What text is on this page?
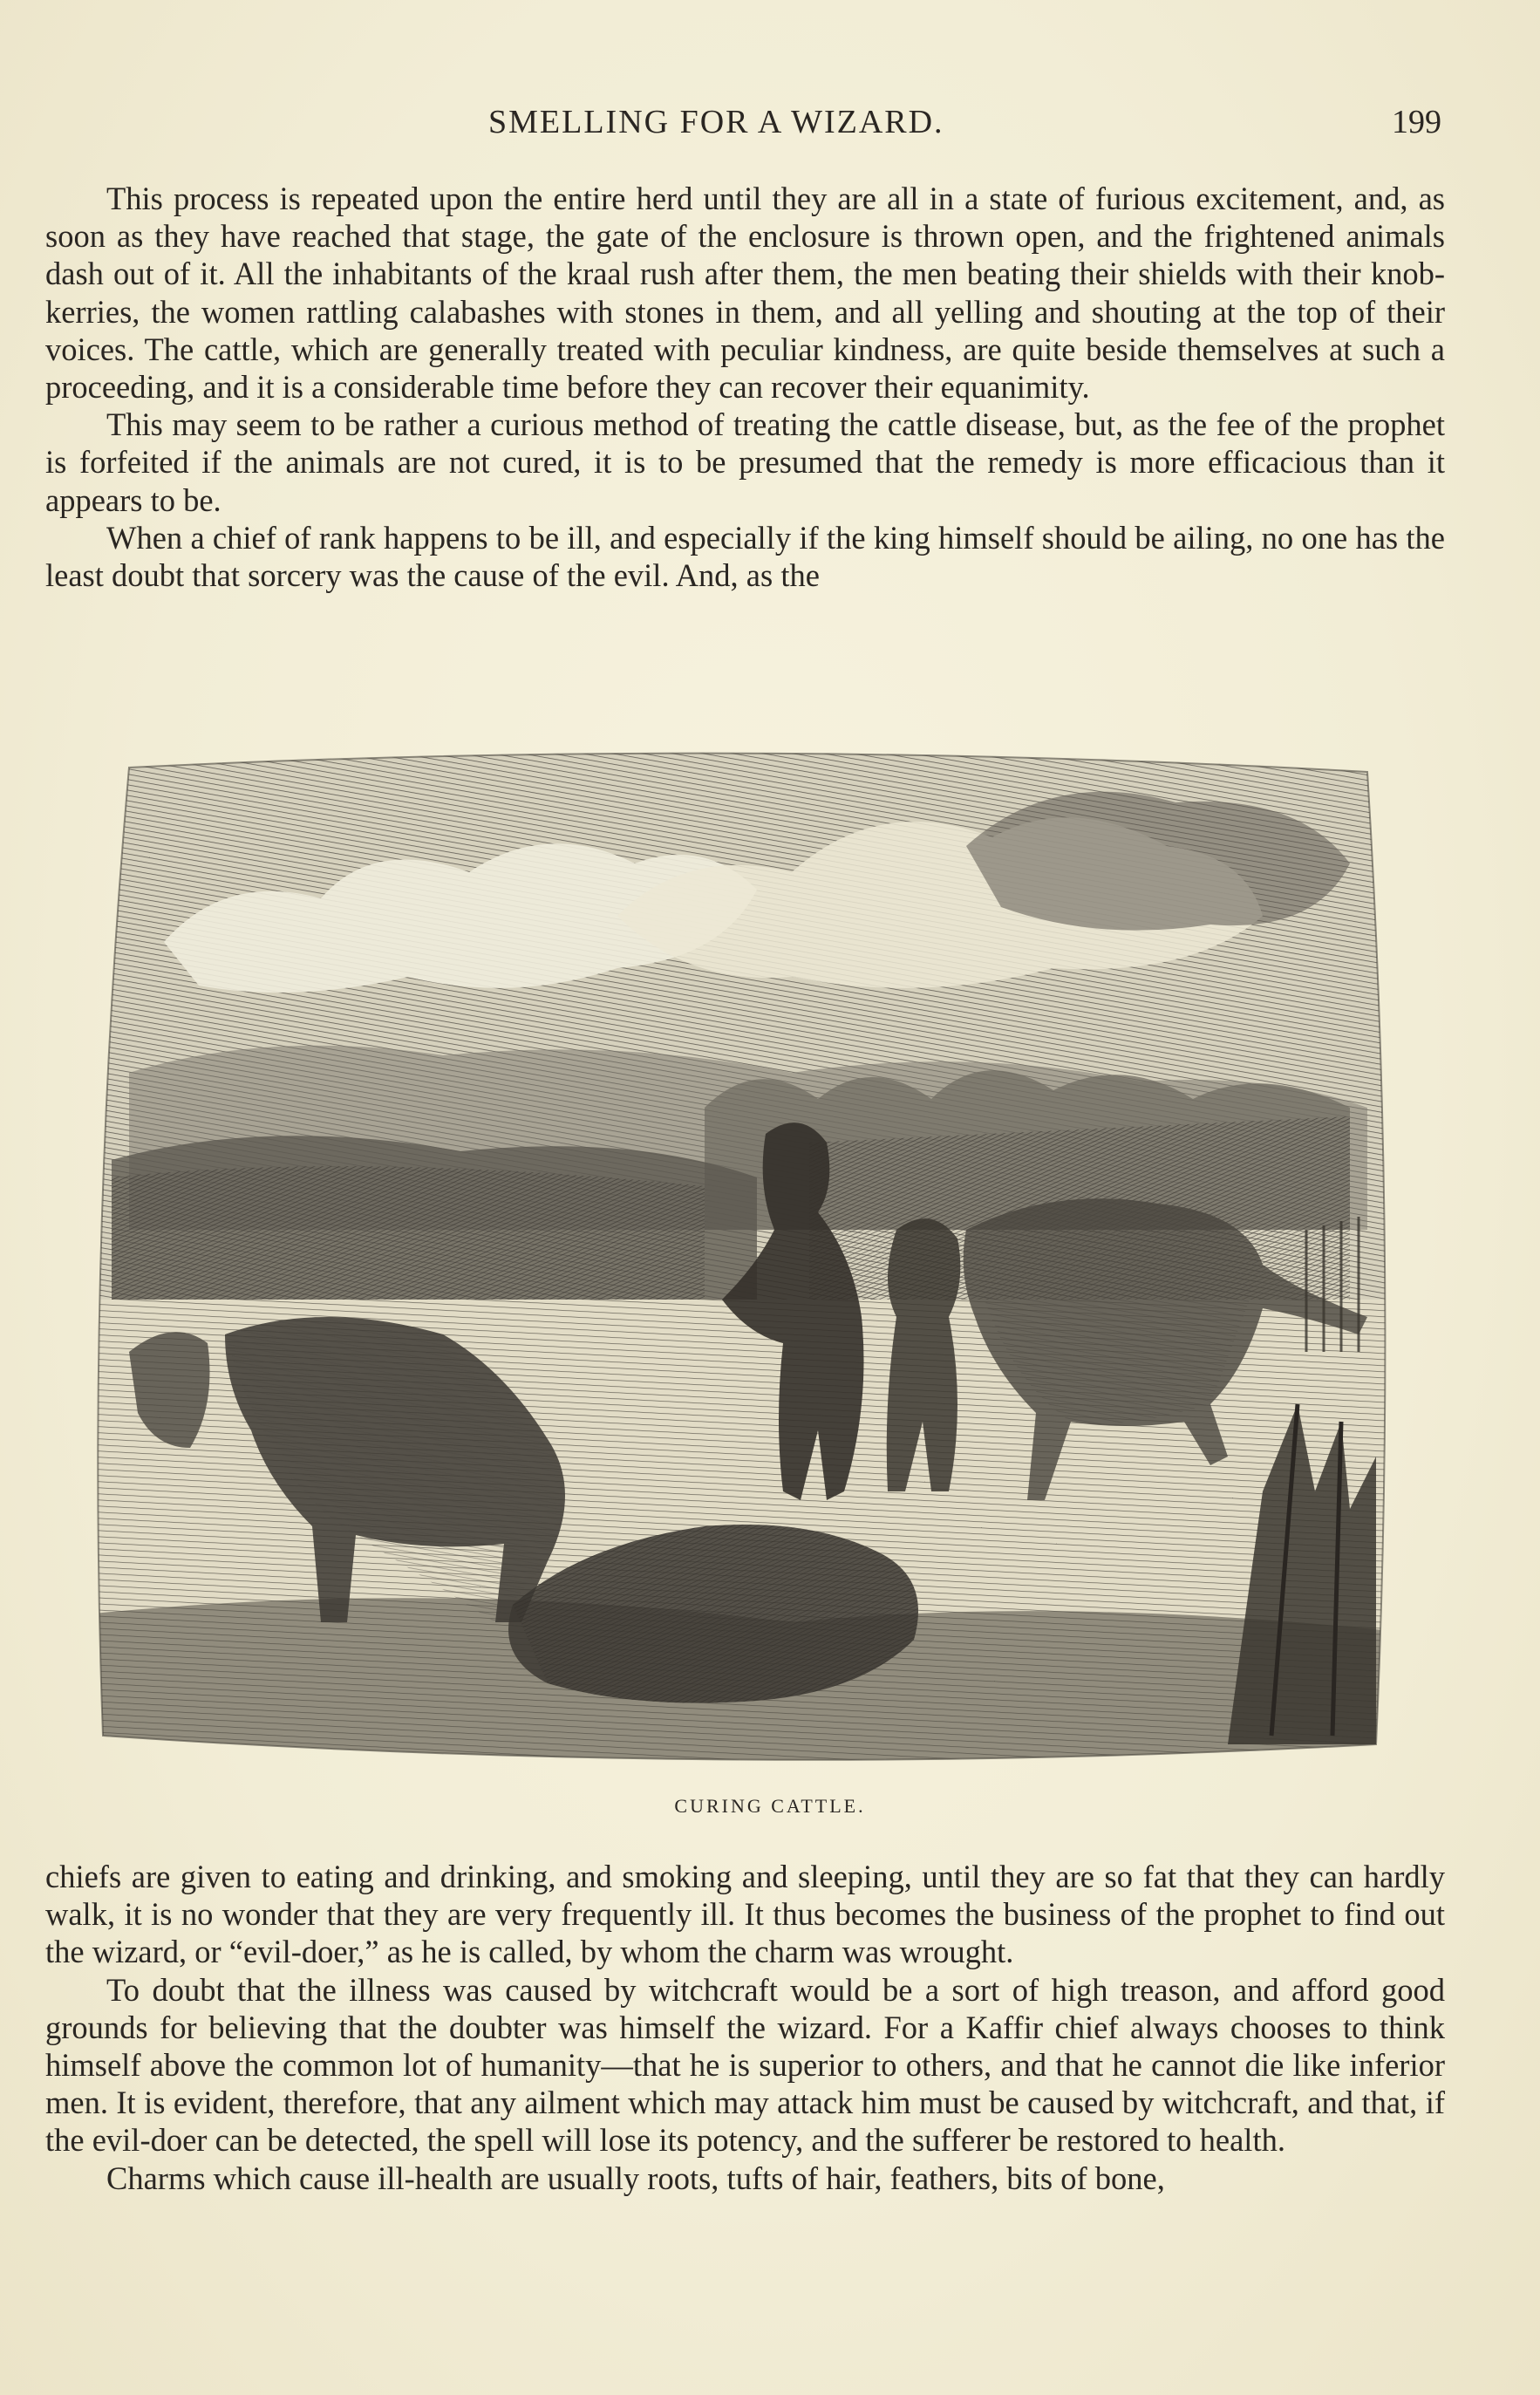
SMELLING FOR A WIZARD.	199

This process is repeated upon the entire herd until they are all in a state of furious excitement, and, as soon as they have reached that stage, the gate of the enclosure is thrown open, and the frightened animals dash out of it. All the inhabitants of the kraal rush after them, the men beating their shields with their knob-kerries, the women rattling calabashes with stones in them, and all yelling and shouting at the top of their voices. The cattle, which are generally treated with peculiar kindness, are quite beside themselves at such a proceeding, and it is a considerable time before they can recover their equanimity.

This may seem to be rather a curious method of treating the cattle disease, but, as the fee of the prophet is forfeited if the animals are not cured, it is to be presumed that the remedy is more efficacious than it appears to be.

When a chief of rank happens to be ill, and especially if the king himself should be ailing, no one has the least doubt that sorcery was the cause of the evil. And, as the

CURING CATTLE.

chiefs are given to eating and drinking, and smoking and sleeping, until they are so fat that they can hardly walk, it is no wonder that they are very frequently ill. It thus becomes the business of the prophet to find out the wizard, or “evil-doer,” as he is called, by whom the charm was wrought.

To doubt that the illness was caused by witchcraft would be a sort of high treason, and afford good grounds for believing that the doubter was himself the wizard. For a Kaffir chief always chooses to think himself above the common lot of humanity—that he is superior to others, and that he cannot die like inferior men. It is evident, therefore, that any ailment which may attack him must be caused by witchcraft, and that, if the evil-doer can be detected, the spell will lose its potency, and the sufferer be restored to health.

Charms which cause ill-health are usually roots, tufts of hair, feathers, bits of bone,
